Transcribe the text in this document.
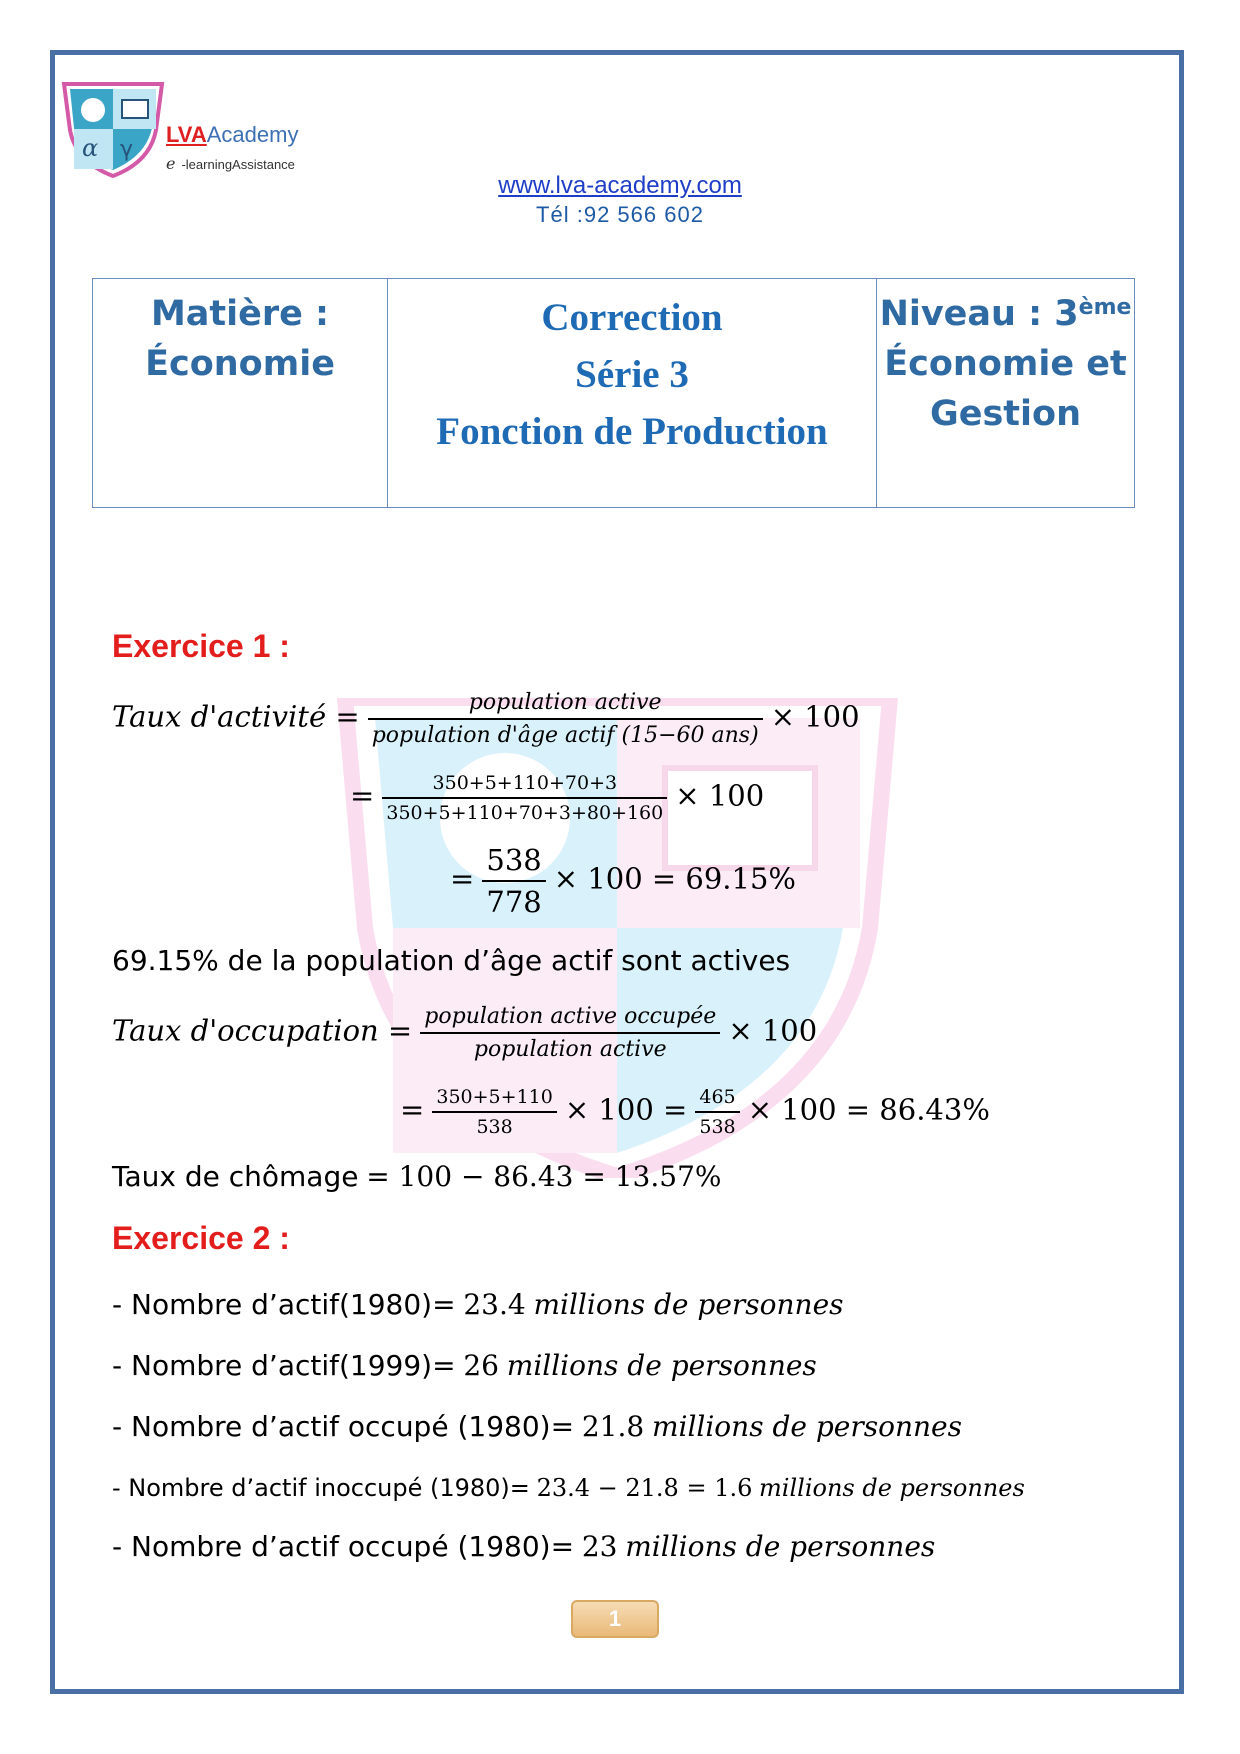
α γ
LVAAcademy
e -learningAssistance
www.lva-academy.com
Tél :92 566 602
Matière :
Économie

Correction
Série 3
Fonction de Production

Niveau : 3ème
Économie et
Gestion
Exercice 1 :
Taux d'activité =	population active
population d'âge actif (15−60 ans)
× 100
= $\frac{350+5+110+70+3}{350+5+110+70+3+80+160} \times 100$
= $\frac{538}{778} \times 100 = 69.15\%$
69.15% de la population d’âge actif sont actives
Taux d'occupation = population active occupée
population active
× 100
= $\frac{350+5+110}{538} \times 100 = \frac{465}{538} \times 100 = 86.43\%$
Taux de chômage = 100 − 86.43 = 13.57%
Exercice 2 :
- Nombre d’actif(1980)= 23.4 millions de personnes
- Nombre d’actif(1999)= 26 millions de personnes
- Nombre d’actif occupé (1980)= 21.8 millions de personnes
- Nombre d’actif inoccupé (1980)= 23.4 − 21.8 = 1.6 millions de personnes
- Nombre d’actif occupé (1980)= 23 millions de personnes
1
